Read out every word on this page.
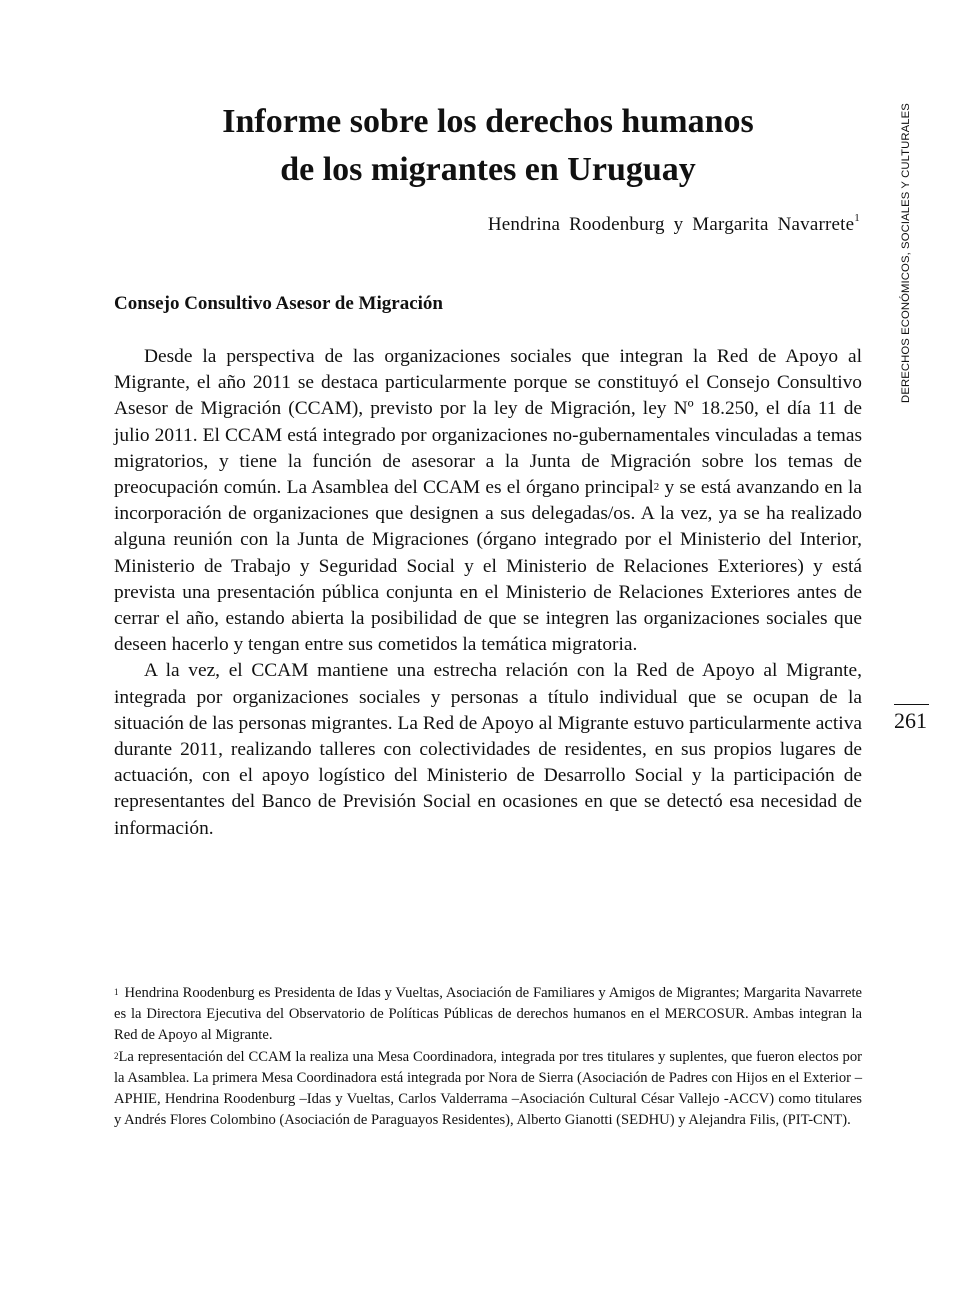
Informe sobre los derechos humanos
de los migrantes en Uruguay
Hendrina Roodenburg y Margarita Navarrete$^1$
Consejo Consultivo Asesor de Migración

Desde la perspectiva de las organizaciones sociales que integran la Red de Apoyo al Migrante, el año 2011 se destaca particularmente porque se constituyó el Consejo Consultivo Asesor de Migración (CCAM), previsto por la ley de Migración, ley Nº 18.250, el día 11 de julio 2011. El CCAM está integrado por organizaciones no-gubernamentales vinculadas a temas migratorios, y tiene la función de asesorar a la Junta de Migración sobre los temas de preocupación común. La Asamblea del CCAM es el órgano principal$^2$ y se está avanzando en la incorporación de organizaciones que designen a sus delegadas/os. A la vez, ya se ha realizado alguna reunión con la Junta de Migraciones (órgano integrado por el Ministerio del Interior, Ministerio de Trabajo y Seguridad Social y el Ministerio de Relaciones Exteriores) y está prevista una presentación pública conjunta en el Ministerio de Relaciones Exteriores antes de cerrar el año, estando abierta la posibilidad de que se integren las organizaciones sociales que deseen hacerlo y tengan entre sus cometidos la temática migratoria.

A la vez, el CCAM mantiene una estrecha relación con la Red de Apoyo al Migrante, integrada por organizaciones sociales y personas a título individual que se ocupan de la situación de las personas migrantes. La Red de Apoyo al Migrante estuvo particularmente activa durante 2011, realizando talleres con colectividades de residentes, en sus propios lugares de actuación, con el apoyo logístico del Ministerio de Desarrollo Social y la participación de representantes del Banco de Previsión Social en ocasiones en que se detectó esa necesidad de información.

$^1$ Hendrina Roodenburg es Presidenta de Idas y Vueltas, Asociación de Familiares y Amigos de Migrantes; Margarita Navarrete es la Directora Ejecutiva del Observatorio de Políticas Públicas de derechos humanos en el MERCOSUR. Ambas integran la Red de Apoyo al Migrante.

$^2$La representación del CCAM la realiza una Mesa Coordinadora, integrada por tres titulares y suplentes, que fueron electos por la Asamblea. La primera Mesa Coordinadora está integrada por Nora de Sierra (Asociación de Padres con Hijos en el Exterior –APHIE, Hendrina Roodenburg –Idas y Vueltas, Carlos Valderrama –Asociación Cultural César Vallejo -ACCV) como titulares y Andrés Flores Colombino (Asociación de Paraguayos Residentes), Alberto Gianotti (SEDHU) y Alejandra Filis, (PIT-CNT).

DERECHOS ECONÓMICOS, SOCIALES Y CULTURALES
261
